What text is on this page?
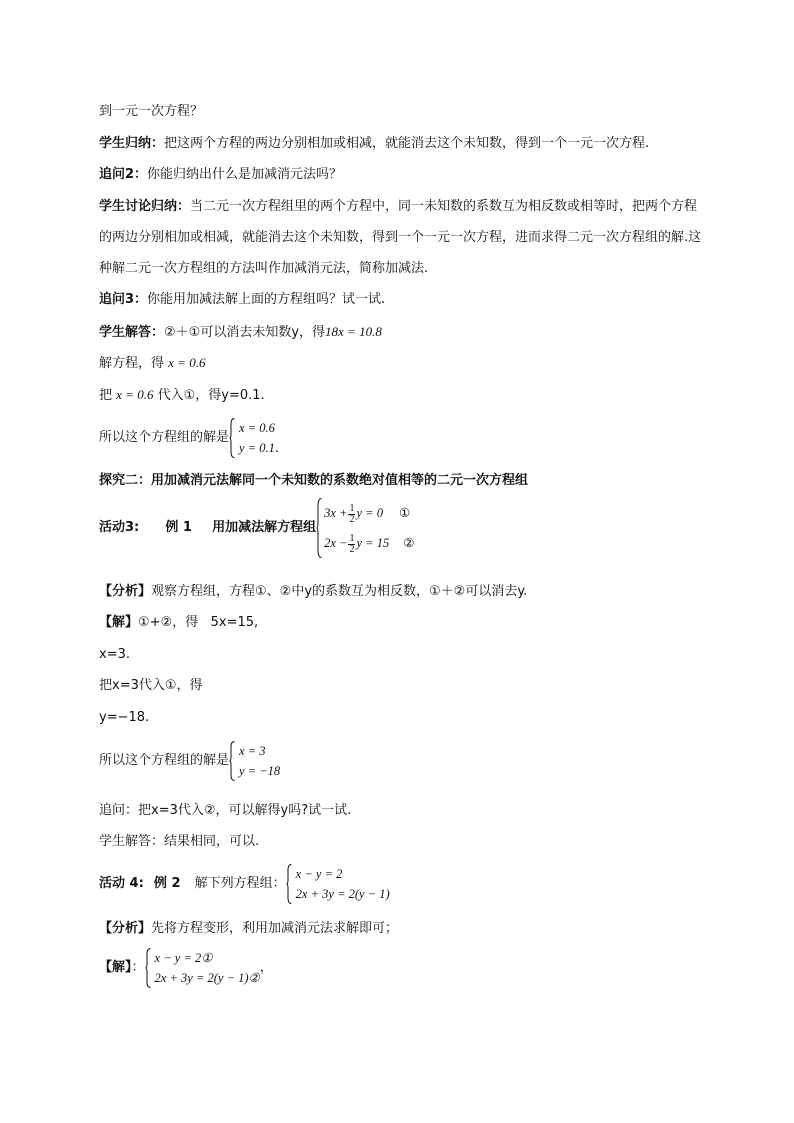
到一元一次方程？
学生归纳：把这两个方程的两边分别相加或相减，就能消去这个未知数，得到一个一元一次方程.
追问2：你能归纳出什么是加减消元法吗？
学生讨论归纳：当二元一次方程组里的两个方程中，同一未知数的系数互为相反数或相等时，把两个方程
的两边分别相加或相减，就能消去这个未知数，得到一个一元一次方程，进而求得二元一次方程组的解.这
种解二元一次方程组的方法叫作加减消元法，简称加减法.
追问3：你能用加减法解上面的方程组吗？试一试.
学生解答：②＋①可以消去未知数y，得18x = 10.8
解方程，得 x = 0.6
把 x = 0.6 代入①，得y=0.1.
所以这个方程组的解是
x = 0.6
y = 0.1 .
探究二：用加减消元法解同一个未知数的系数绝对值相等的二元一次方程组
活动3: 例 1 用加减法解方程组
$3x + \frac{1}{2}$ y = 0 ①
$2x - \frac{1}{2}$ y = 15 ②
【分析】观察方程组，方程①、②中y的系数互为相反数，①＋②可以消去y.
【解】①+②，得   5x=15,
x=3.
把x=3代入①，得
y=−18.
所以这个方程组的解是
x = 3
y = −18
追问：把x=3代入②，可以解得y吗?试一试.
学生解答：结果相同，可以.
活动 4: 例 2 解下列方程组：
x − y = 2
2x + 3y = 2(y − 1)
【分析】先将方程变形，利用加减消元法求解即可；
【解】：
x − y = 2①
2x + 3y = 2(y − 1)②
，
